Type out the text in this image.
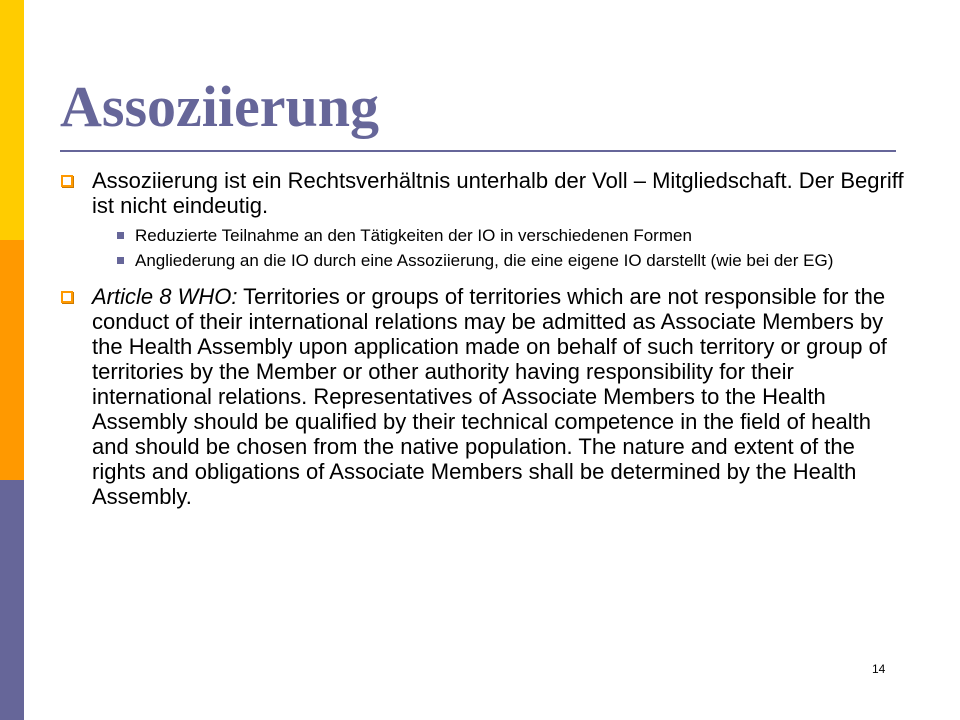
Assoziierung
Assoziierung ist ein Rechtsverhältnis unterhalb der Voll – Mitgliedschaft. Der Begriff ist nicht eindeutig.
Reduzierte Teilnahme an den Tätigkeiten der IO in verschiedenen Formen
Angliederung an die IO durch eine Assoziierung, die eine eigene IO darstellt (wie bei der EG)
Article 8 WHO: Territories or groups of territories which are not responsible for the conduct of their international relations may be admitted as Associate Members by the Health Assembly upon application made on behalf of such territory or group of territories by the Member or other authority having responsibility for their international relations. Representatives of Associate Members to the Health Assembly should be qualified by their technical competence in the field of health and should be chosen from the native population. The nature and extent of the rights and obligations of Associate Members shall be determined by the Health Assembly.
14
